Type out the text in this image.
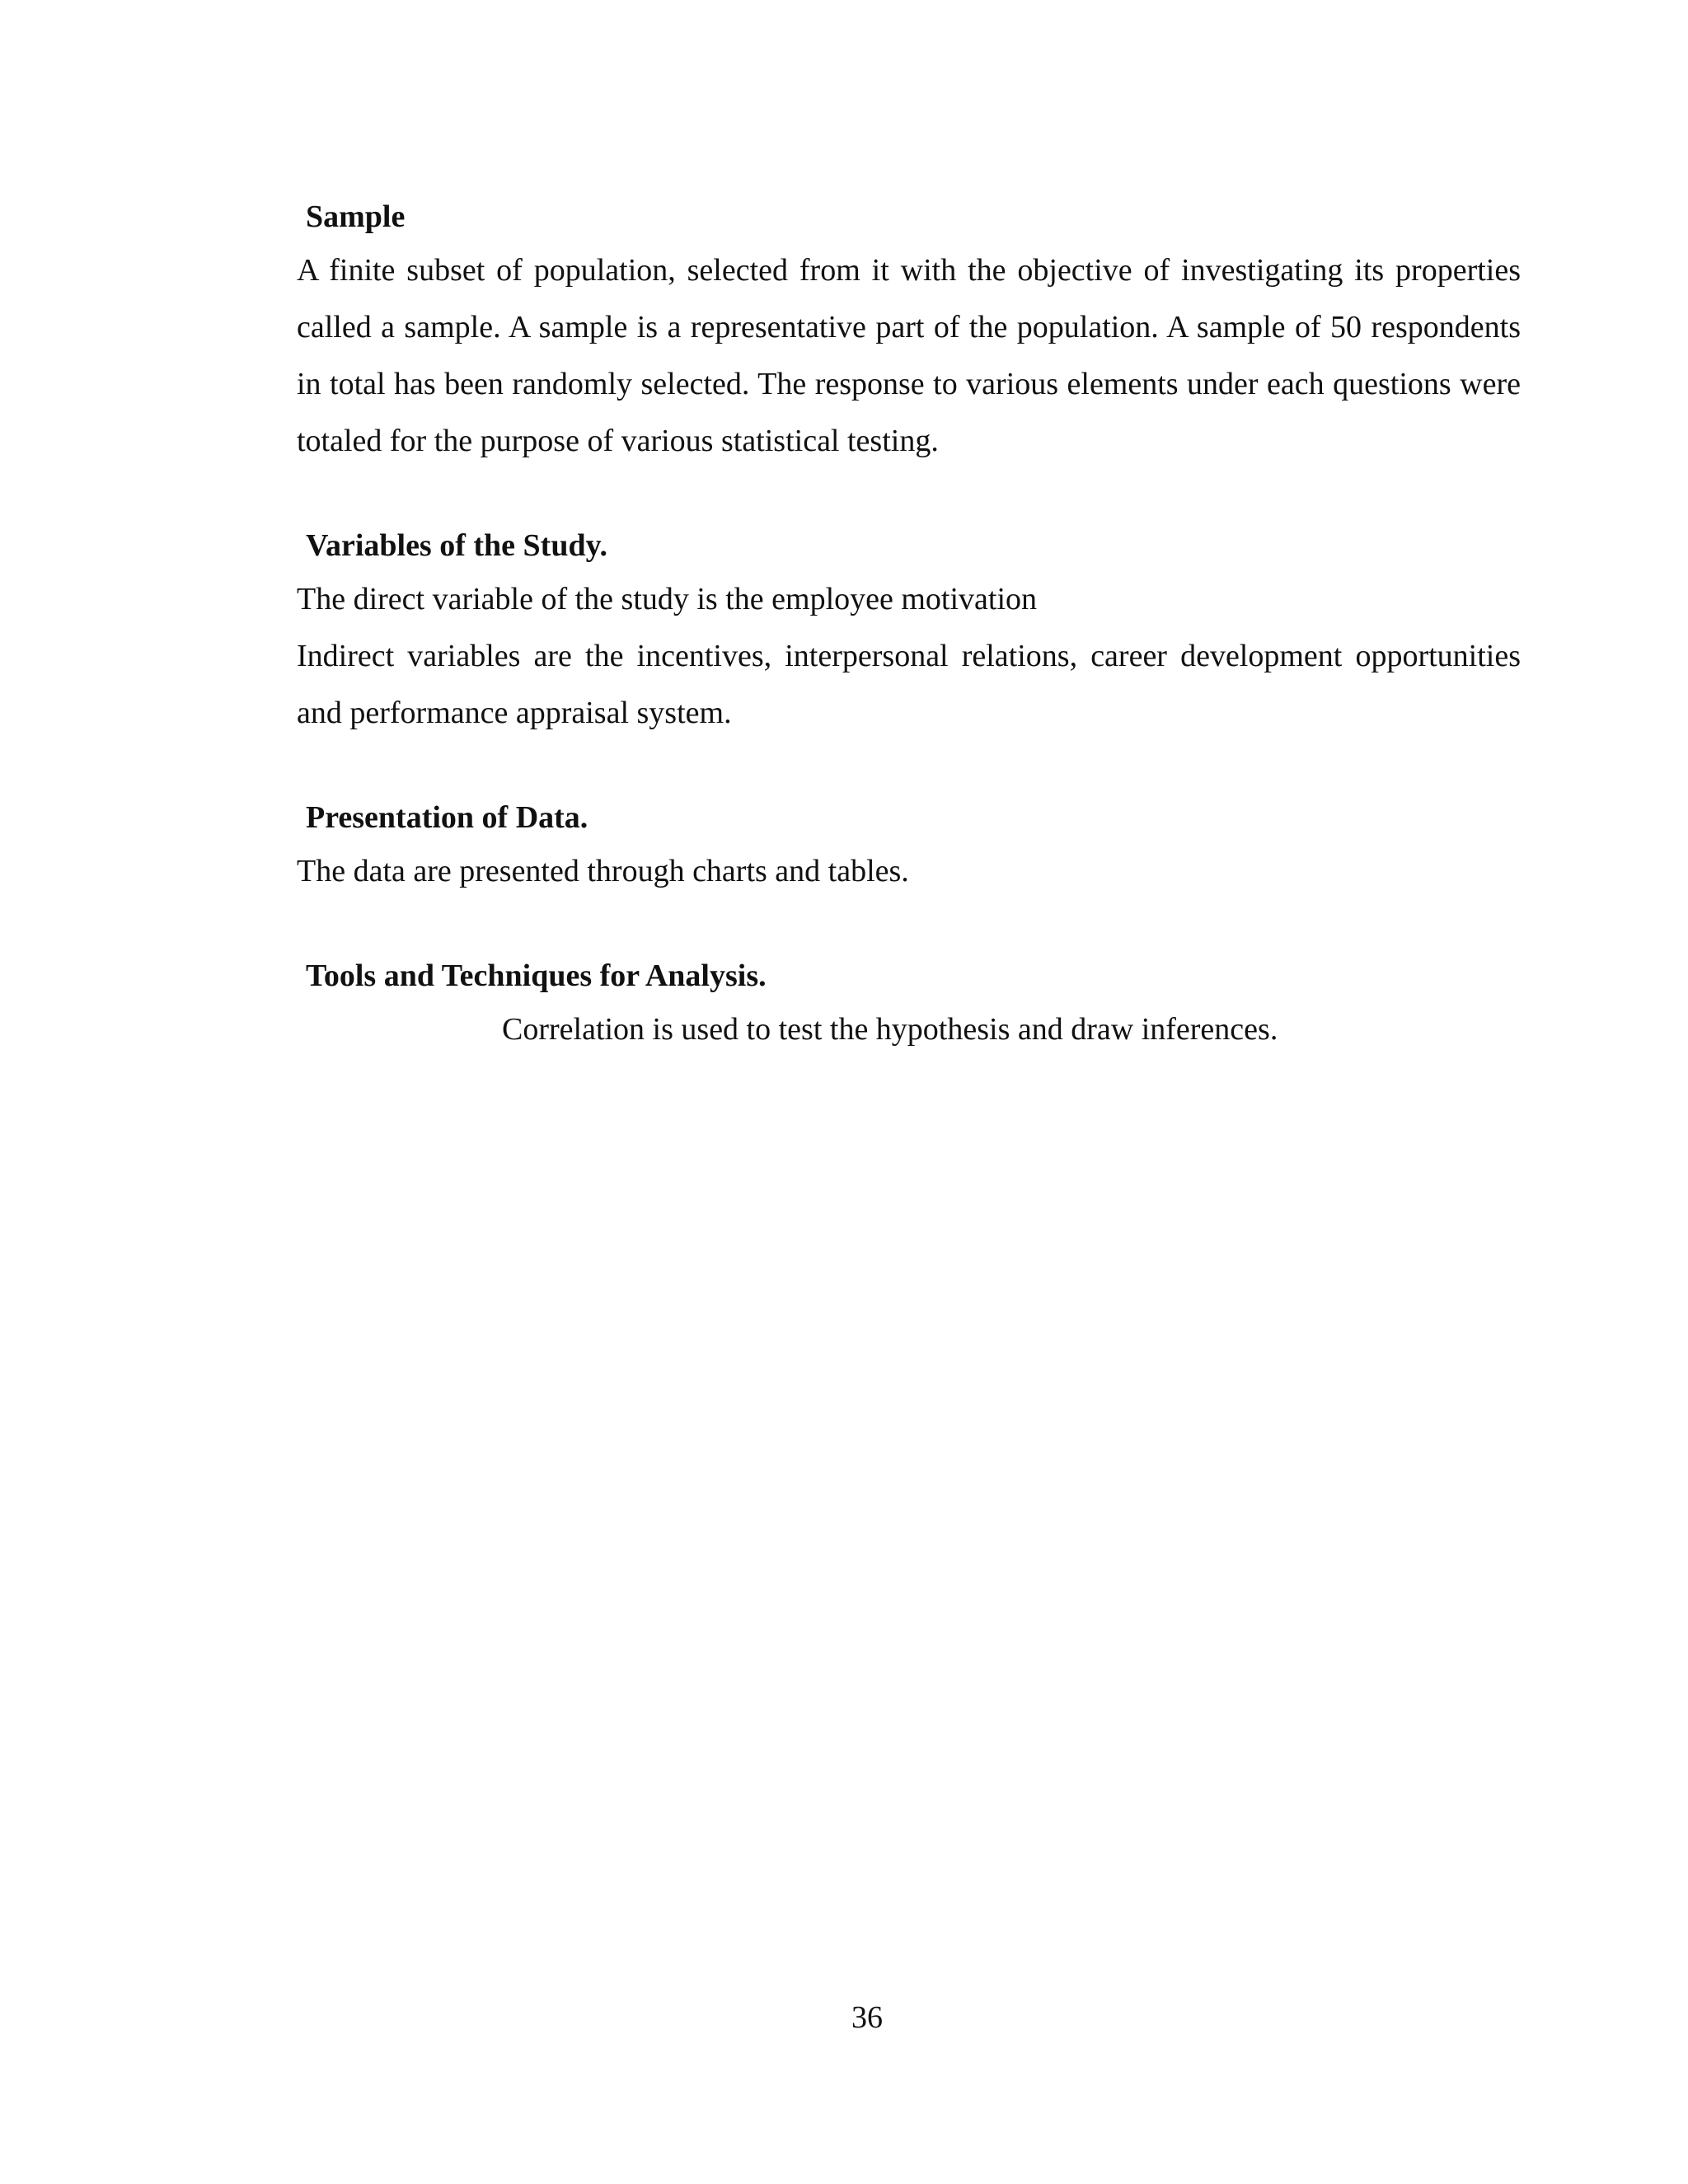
Sample

A finite subset of population, selected from it with the objective of investigating its properties called a sample. A sample is a representative part of the population. A sample of 50 respondents in total has been randomly selected. The response to various elements under each questions were totaled for the purpose of various statistical testing.

Variables of the Study.

The direct variable of the study is the employee motivation

Indirect variables are the incentives, interpersonal relations, career development opportunities and performance appraisal system.

Presentation of Data.

The data are presented through charts and tables.

Tools and Techniques for Analysis.

Correlation is used to test the hypothesis and draw inferences.

36
